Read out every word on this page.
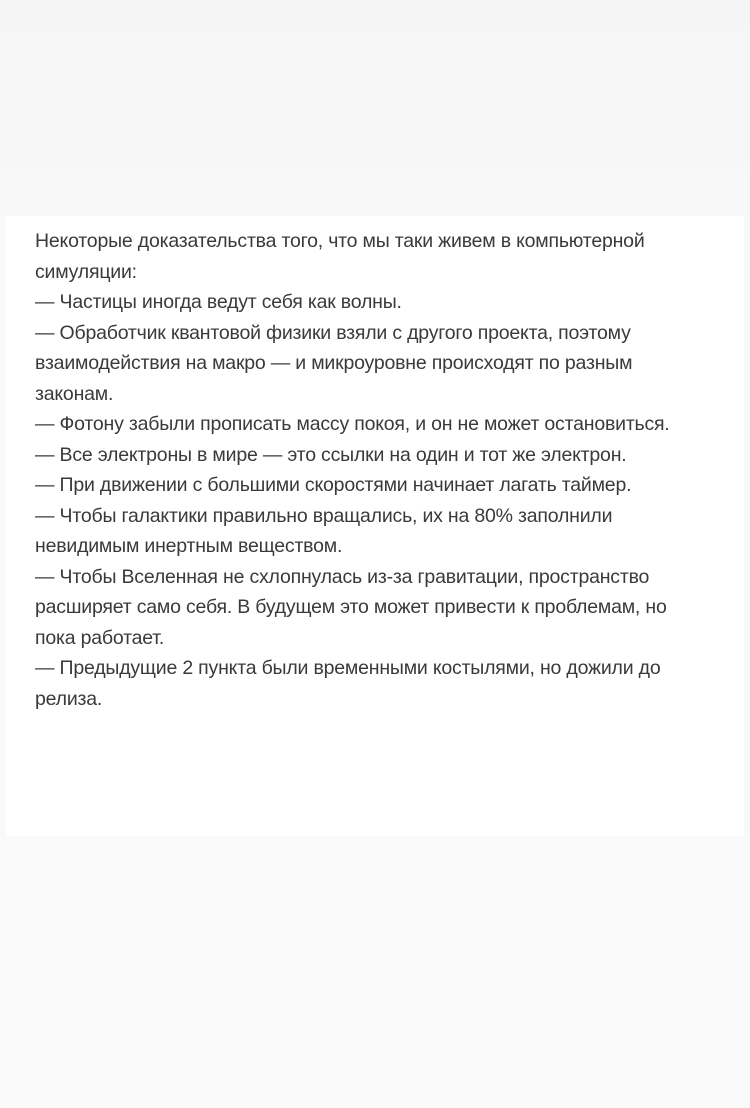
Некоторые доказательства того, что мы таки живем в компьютерной симуляции:
— Частицы иногда ведут себя как волны.
— Обработчик квантовой физики взяли с другого проекта, поэтому взаимодействия на макро — и микроуровне происходят по разным законам.
— Фотону забыли прописать массу покоя, и он не может остановиться.
— Все электроны в мире — это ссылки на один и тот же электрон.
— При движении с большими скоростями начинает лагать таймер.
— Чтобы галактики правильно вращались, их на 80% заполнили невидимым инертным веществом.
— Чтобы Вселенная не схлопнулась из-за гравитации, пространство расширяет само себя. В будущем это может привести к проблемам, но пока работает.
— Предыдущие 2 пункта были временными костылями, но дожили до релиза.
